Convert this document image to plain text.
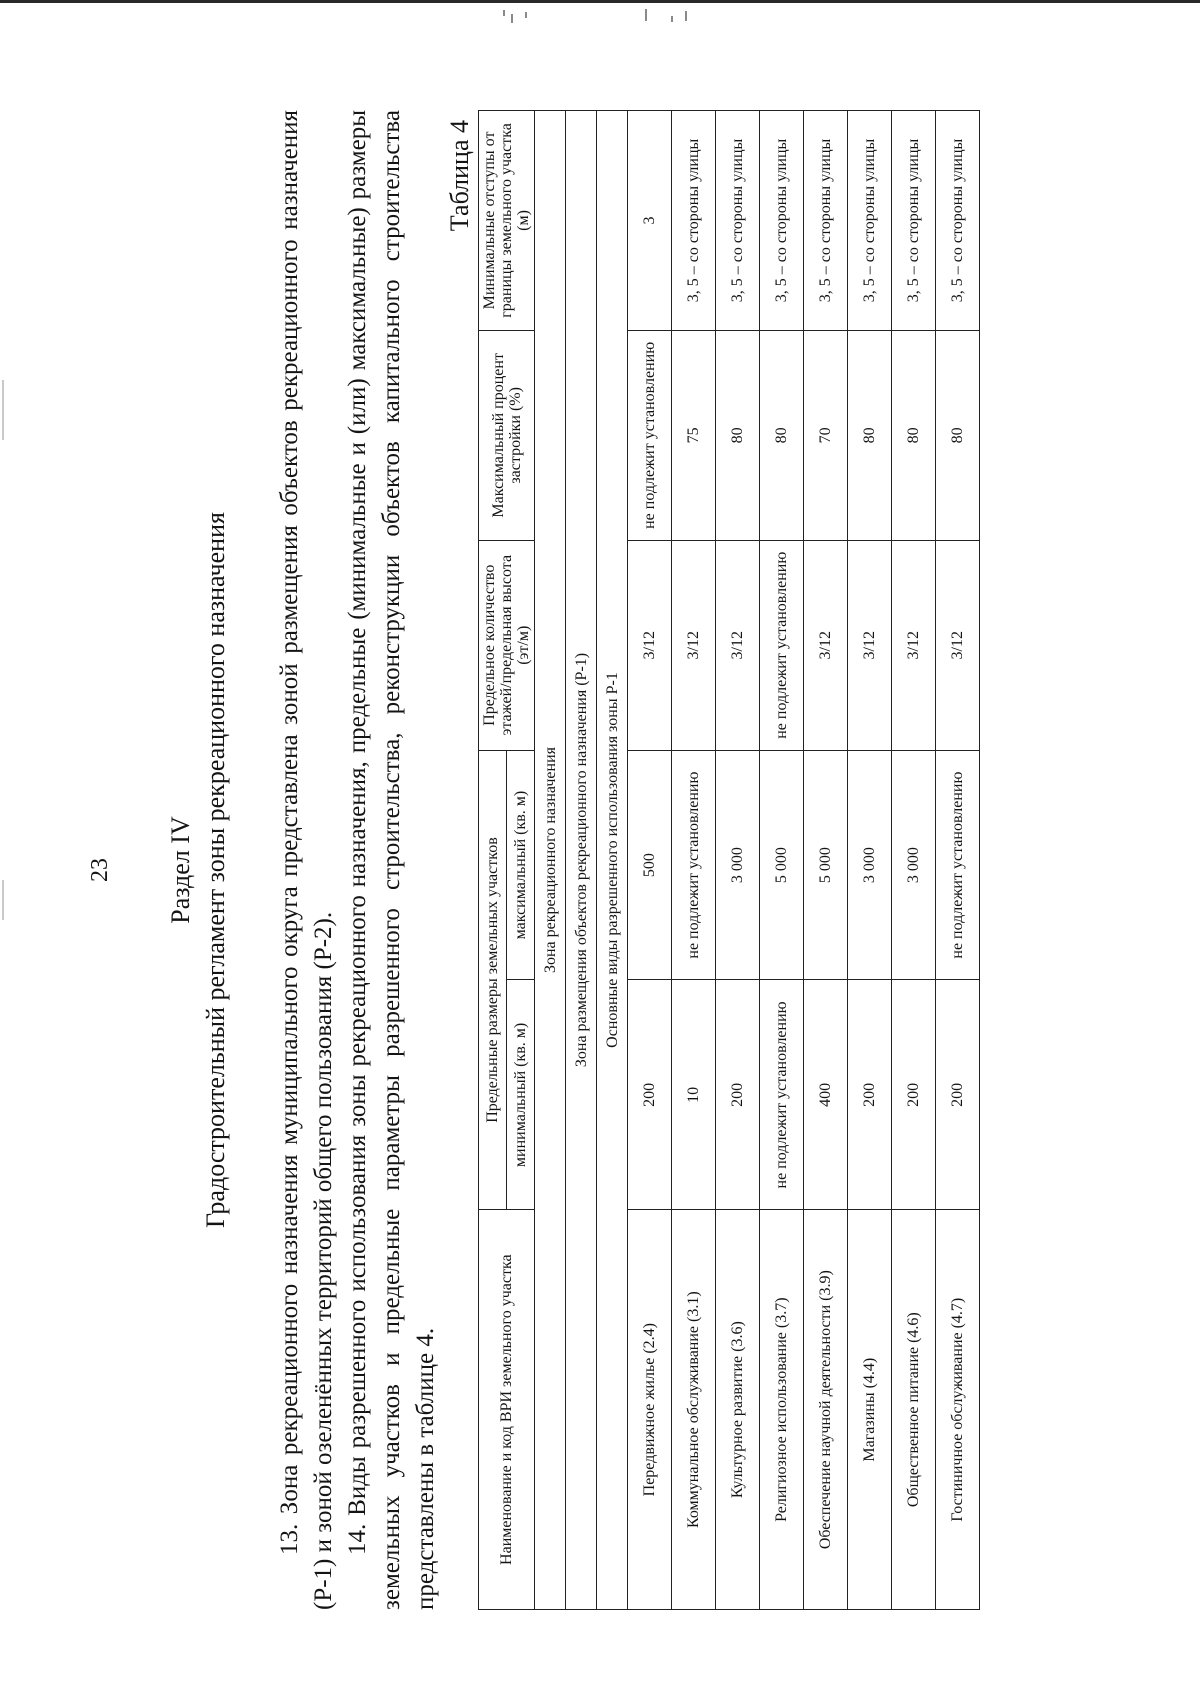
23 Раздел IV Градостроительный регламент зоны рекреационного назначения 13. Зона рекреационного назначения муниципального округа представлена зоной размещения объектов рекреационного назначения (Р-1) и зоной озеленённых территорий общего пользования (Р-2). 14. Виды разрешенного использования зоны рекреационного назначения, предельные (минимальные и (или) максимальные) размеры земельных участков и предельные параметры разрешенного строительства, реконструкции объектов капитального строительства представлены в таблице 4.

Таблица 4
Наименование и код ВРИ земельного участка	Предельные размеры земельных участков		Предельное количество этажей/предельная высота (эт/м)	Максимальный процент застройки (%)	Минимальные отступы от границы земельного участка (м)
	минимальный (кв. м)	максимальный (кв. м)			
Зона рекреационного назначения					
Зона размещения объектов рекреационного назначения (Р-1)					
Основные виды разрешенного использования зоны Р-1					
Передвижное жилье (2.4)	200	500	3/12	не подлежит установлению	3
Коммунальное обслуживание (3.1)	10	не подлежит установлению	3/12	75	3, 5 – со стороны улицы
Культурное развитие (3.6)	200	3 000	3/12	80	3, 5 – со стороны улицы
Религиозное использование (3.7)	не подлежит установлению	5 000	не подлежит установлению	80	3, 5 – со стороны улицы
Обеспечение научной деятельности (3.9)	400	5 000	3/12	70	3, 5 – со стороны улицы
Магазины (4.4)	200	3 000	3/12	80	3, 5 – со стороны улицы
Общественное питание (4.6)	200	3 000	3/12	80	3, 5 – со стороны улицы
Гостиничное обслуживание (4.7)	200	не подлежит установлению	3/12	80	3, 5 – со стороны улицы
